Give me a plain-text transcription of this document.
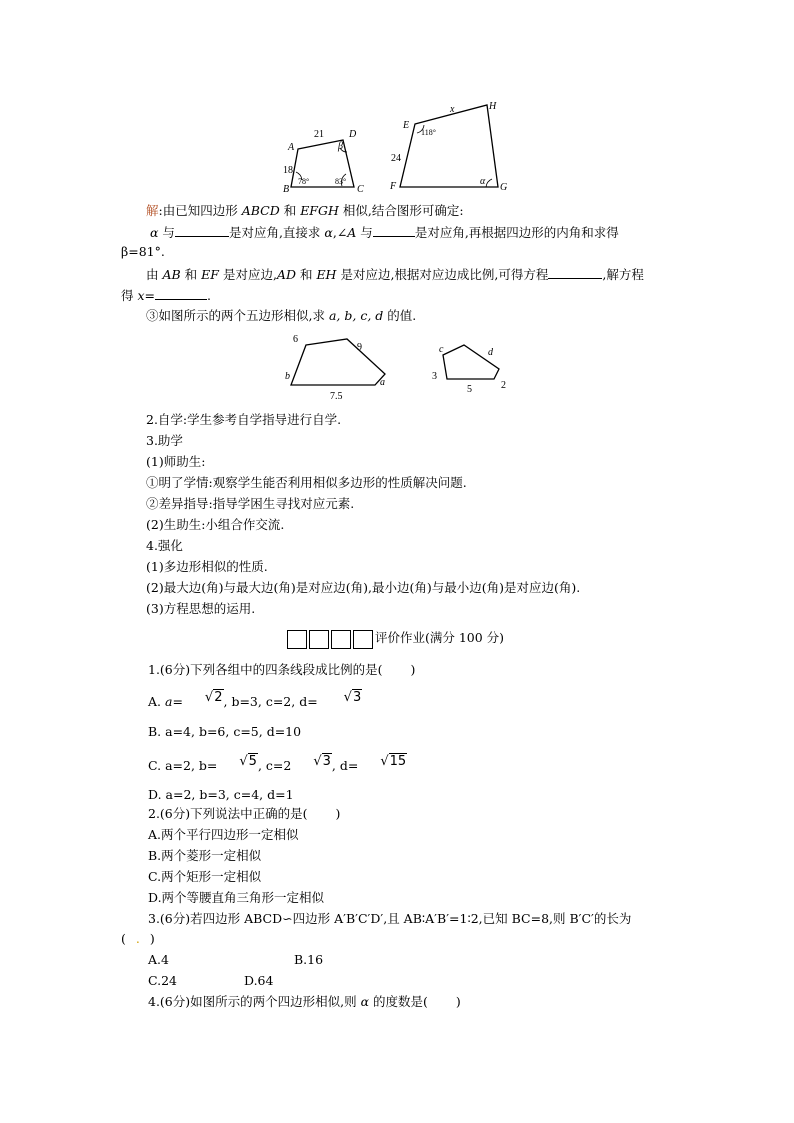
A
B	C
D
21
18
78°	83°
β
E
F	G
H
x
24
118°
α
解:由已知四边形 ABCD 和 EFGH 相似,结合图形可确定:
α 与	是对应角,直接求 α,∠A 与	是对应角,再根据四边形的内角和求得
β=81°.
由 AB 和 EF 是对应边,AD 和 EH 是对应边,根据对应边成比例,可得方程	,解方程
得 x=	.
③如图所示的两个五边形相似,求 a, b, c, d 的值.
6
9
b
7.5
a
c	d
3
5	2
2.自学:学生参考自学指导进行自学.
3.助学
(1)师助生:
①明了学情:观察学生能否利用相似多边形的性质解决问题.
②差异指导:指导学困生寻找对应元素.
(2)生助生:小组合作交流.
4.强化
(1)多边形相似的性质.
(2)最大边(角)与最大边(角)是对应边(角),最小边(角)与最小边(角)是对应边(角).
(3)方程思想的运用.
评价作业(满分 100 分)
1.(6分)下列各组中的四条线段成比例的是( )
A. a= √2, b=3, c=2, d= √3
B. a=4, b=6, c=5, d=10
C. a=2, b= √5, c=2 √3, d= √15
D. a=2, b=3, c=4, d=1
2.(6分)下列说法中正确的是( )
A.两个平行四边形一定相似
B.两个菱形一定相似
C.两个矩形一定相似
D.两个等腰直角三角形一定相似
3.(6分)若四边形 ABCD∽四边形 A′B′C′D′,且 AB∶A′B′=1∶2,已知 BC=8,则 B′C′的长为
( . )
A.4	B.16
C.24	D.64
4.(6分)如图所示的两个四边形相似,则 α 的度数是( )
